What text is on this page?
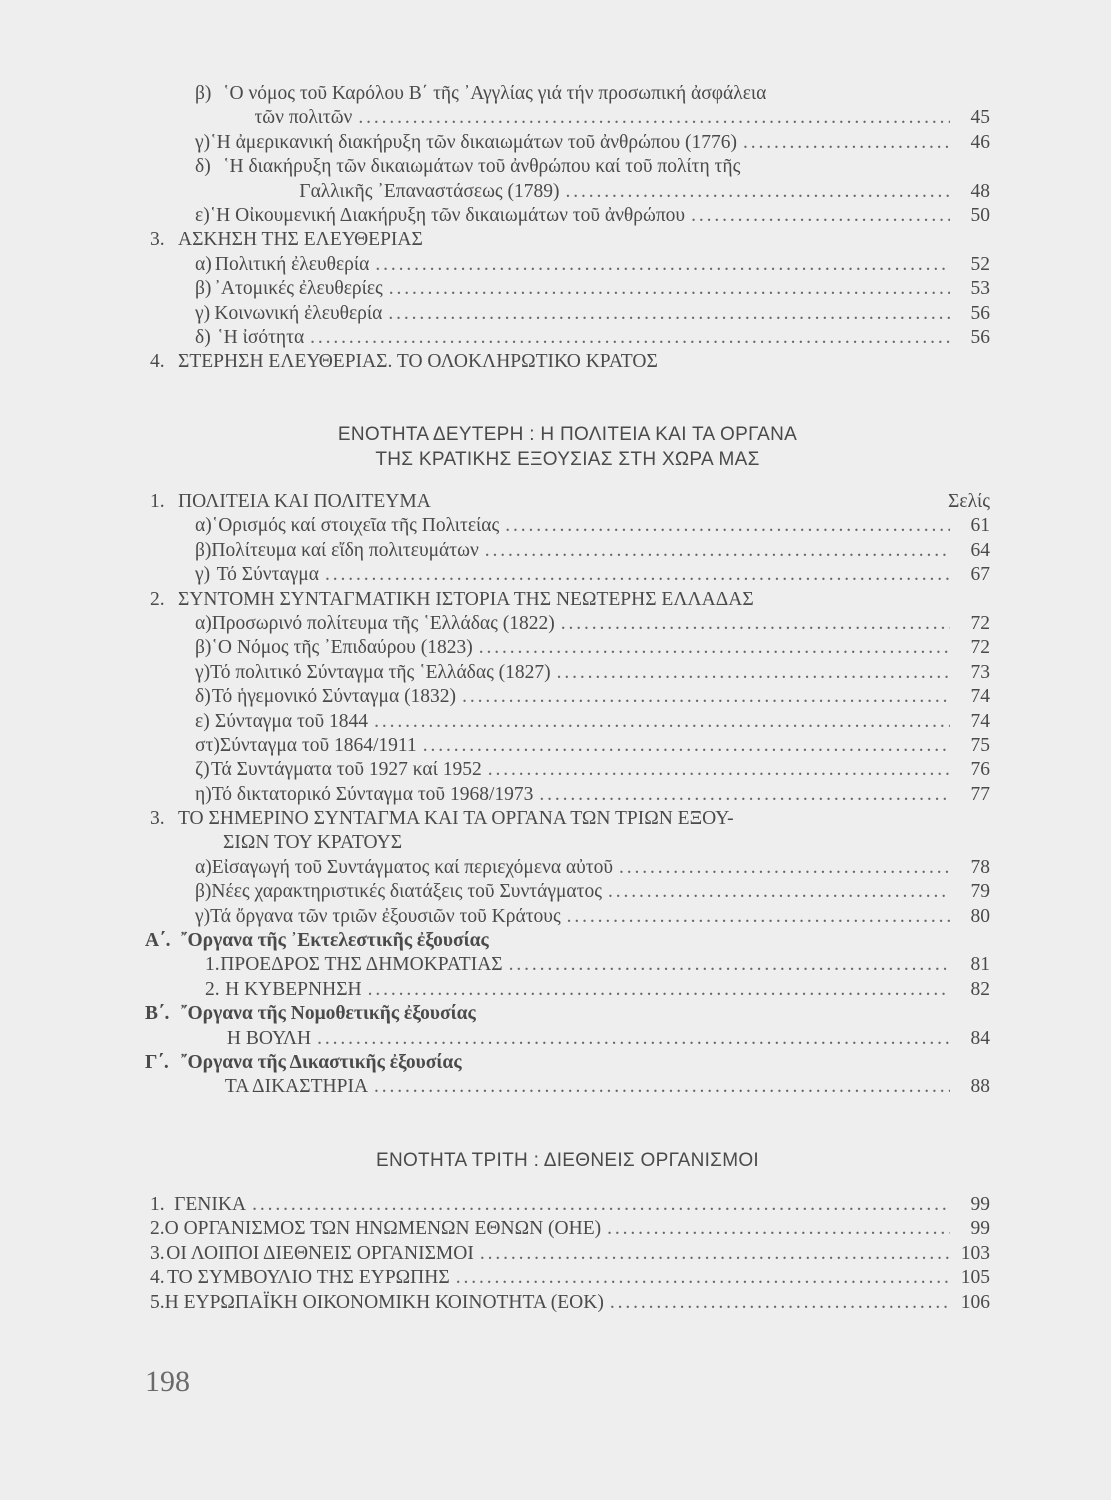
β) ῾Ο νόμος τοῦ Καρόλου Β΄ τῆς ᾿Αγγλίας γιά τήν προσωπική ἀσφάλεια
τῶν πολιτῶν . . .	45
γ) ῾Η ἀμερικανική διακήρυξη τῶν δικαιωμάτων τοῦ ἀνθρώπου (1776) . . .	46
δ) ῾Η διακήρυξη τῶν δικαιωμάτων τοῦ ἀνθρώπου καί τοῦ πολίτη τῆς
Γαλλικῆς ᾿Επαναστάσεως (1789) . . .	48
ε) ῾Η Οἰκουμενική Διακήρυξη τῶν δικαιωμάτων τοῦ ἀνθρώπου . . .	50
3. ΑΣΚΗΣΗ ΤΗΣ ΕΛΕΥΘΕΡΙΑΣ
α) Πολιτική ἐλευθερία . . .	52
β) ᾿Ατομικές ἐλευθερίες . . .	53
γ) Κοινωνική ἐλευθερία . . .	56
δ) ῾Η ἰσότητα . . .	56
4. ΣΤΕΡΗΣΗ ΕΛΕΥΘΕΡΙΑΣ. ΤΟ ΟΛΟΚΛΗΡΩΤΙΚΟ ΚΡΑΤΟΣ
ΕΝΟΤΗΤΑ ΔΕΥΤΕΡΗ : Η ΠΟΛΙΤΕΙΑ ΚΑΙ ΤΑ ΟΡΓΑΝΑ
ΤΗΣ ΚΡΑΤΙΚΗΣ ΕΞΟΥΣΙΑΣ ΣΤΗ ΧΩΡΑ ΜΑΣ
1. ΠΟΛΙΤΕΙΑ ΚΑΙ ΠΟΛΙΤΕΥΜΑ	Σελίς
α) ῾Ορισμός καί στοιχεῖα τῆς Πολιτείας . . .	61
β) Πολίτευμα καί εἴδη πολιτευμάτων . . .	64
γ) Τό Σύνταγμα . . .	67
2. ΣΥΝΤΟΜΗ ΣΥΝΤΑΓΜΑΤΙΚΗ ΙΣΤΟΡΙΑ ΤΗΣ ΝΕΩΤΕΡΗΣ ΕΛΛΑΔΑΣ
α) Προσωρινό πολίτευμα τῆς ῾Ελλάδας (1822) . . .	72
β) ῾Ο Νόμος τῆς ᾿Επιδαύρου (1823) . . .	72
γ) Τό πολιτικό Σύνταγμα τῆς ῾Ελλάδας (1827) . . .	73
δ) Τό ἡγεμονικό Σύνταγμα (1832) . . .	74
ε) Σύνταγμα τοῦ 1844 . . .	74
στ) Σύνταγμα τοῦ 1864/1911 . . .	75
ζ) Τά Συντάγματα τοῦ 1927 καί 1952 . . .	76
η) Τό δικτατορικό Σύνταγμα τοῦ 1968/1973 . . .	77
3. ΤΟ ΣΗΜΕΡΙΝΟ ΣΥΝΤΑΓΜΑ ΚΑΙ ΤΑ ΟΡΓΑΝΑ ΤΩΝ ΤΡΙΩΝ ΕΞΟΥ-
ΣΙΩΝ ΤΟΥ ΚΡΑΤΟΥΣ
α) Εἰσαγωγή τοῦ Συντάγματος καί περιεχόμενα αὐτοῦ . . .	78
β) Νέες χαρακτηριστικές διατάξεις τοῦ Συντάγματος . . .	79
γ) Τά ὄργανα τῶν τριῶν ἐξουσιῶν τοῦ Κράτους . . .	80
Α΄. ῎Οργανα τῆς ᾿Εκτελεστικῆς ἐξουσίας
1. ΠΡΟΕΔΡΟΣ ΤΗΣ ΔΗΜΟΚΡΑΤΙΑΣ . . .	81
2. Η ΚΥΒΕΡΝΗΣΗ . . .	82
Β΄. ῎Οργανα τῆς Νομοθετικῆς ἐξουσίας
Η ΒΟΥΛΗ . . .	84
Γ΄. ῎Οργανα τῆς Δικαστικῆς ἐξουσίας
ΤΑ ΔΙΚΑΣΤΗΡΙΑ . . .	88
ΕΝΟΤΗΤΑ ΤΡΙΤΗ : ΔΙΕΘΝΕΙΣ ΟΡΓΑΝΙΣΜΟΙ
1. ΓΕΝΙΚΑ . . .	99
2. Ο ΟΡΓΑΝΙΣΜΟΣ ΤΩΝ ΗΝΩΜΕΝΩΝ ΕΘΝΩΝ (ΟΗΕ) . . .	99
3. ΟΙ ΛΟΙΠΟΙ ΔΙΕΘΝΕΙΣ ΟΡΓΑΝΙΣΜΟΙ . . .	103
4. ΤΟ ΣΥΜΒΟΥΛΙΟ ΤΗΣ ΕΥΡΩΠΗΣ . . .	105
5. Η ΕΥΡΩΠΑΪΚΗ ΟΙΚΟΝΟΜΙΚΗ ΚΟΙΝΟΤΗΤΑ (ΕΟΚ) . . .	106
198
